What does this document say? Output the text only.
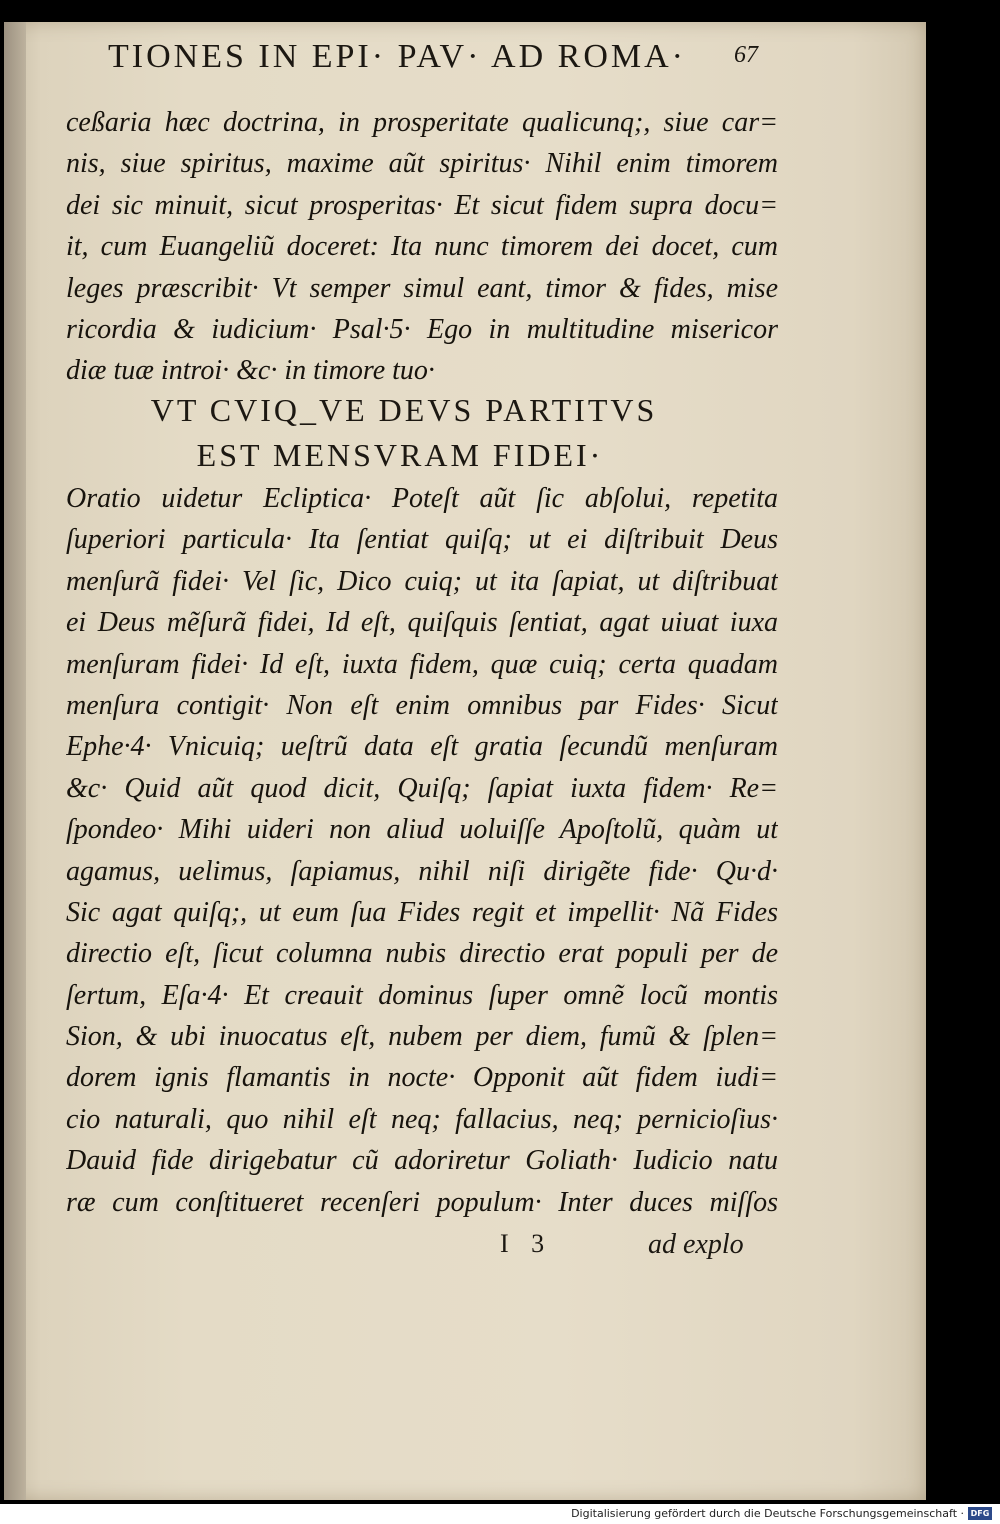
TIONES IN EPI· PAV· AD ROMA·	67
ceßaria hæc doctrina, in prosperitate qualicunq;, siue car=
nis, siue spiritus, maxime aũt spiritus· Nihil enim timorem
dei sic minuit, sicut prosperitas· Et sicut fidem supra docu=
it, cum Euangeliũ doceret: Ita nunc timorem dei docet, cum
leges præscribit· Vt semper simul eant, timor & fides, mise
ricordia & iudicium· Psal·5· Ego in multitudine misericor
diæ tuæ introi· &c· in timore tuo·
VT CVIQ_VE DEVS PARTITVS
EST MENSVRAM FIDEI·
Oratio uidetur Ecliptica· Poteſt aũt ſic abſolui, repetita
ſuperiori particula· Ita ſentiat quiſq; ut ei diſtribuit Deus
menſurã fidei· Vel ſic, Dico cuiq; ut ita ſapiat, ut diſtribuat
ei Deus mẽſurã fidei, Id eſt, quiſquis ſentiat, agat uiuat iuxa
menſuram fidei· Id eſt, iuxta fidem, quæ cuiq; certa quadam
menſura contigit· Non eſt enim omnibus par Fides· Sicut
Ephe·4· Vnicuiq; ueſtrũ data eſt gratia ſecundũ menſuram
&c· Quid aũt quod dicit, Quiſq; ſapiat iuxta fidem· Re=
ſpondeo· Mihi uideri non aliud uoluiſſe Apoſtolũ, quàm ut
agamus, uelimus, ſapiamus, nihil niſi dirigẽte fide· Qu·d·
Sic agat quiſq;, ut eum ſua Fides regit et impellit· Nã Fides
directio eſt, ſicut columna nubis directio erat populi per de
ſertum, Eſa·4· Et creauit dominus ſuper omnẽ locũ montis
Sion, & ubi inuocatus eſt, nubem per diem, fumũ & ſplen=
dorem ignis flamantis in nocte· Opponit aũt fidem iudi=
cio naturali, quo nihil eſt neq; fallacius, neq; pernicioſius·
Dauid fide dirigebatur cũ adoriretur Goliath· Iudicio natu
ræ cum conſtitueret recenſeri populum· Inter duces miſſos
I 3	ad explo
Digitalisierung gefördert durch die Deutsche Forschungsgemeinschaft · DFG
